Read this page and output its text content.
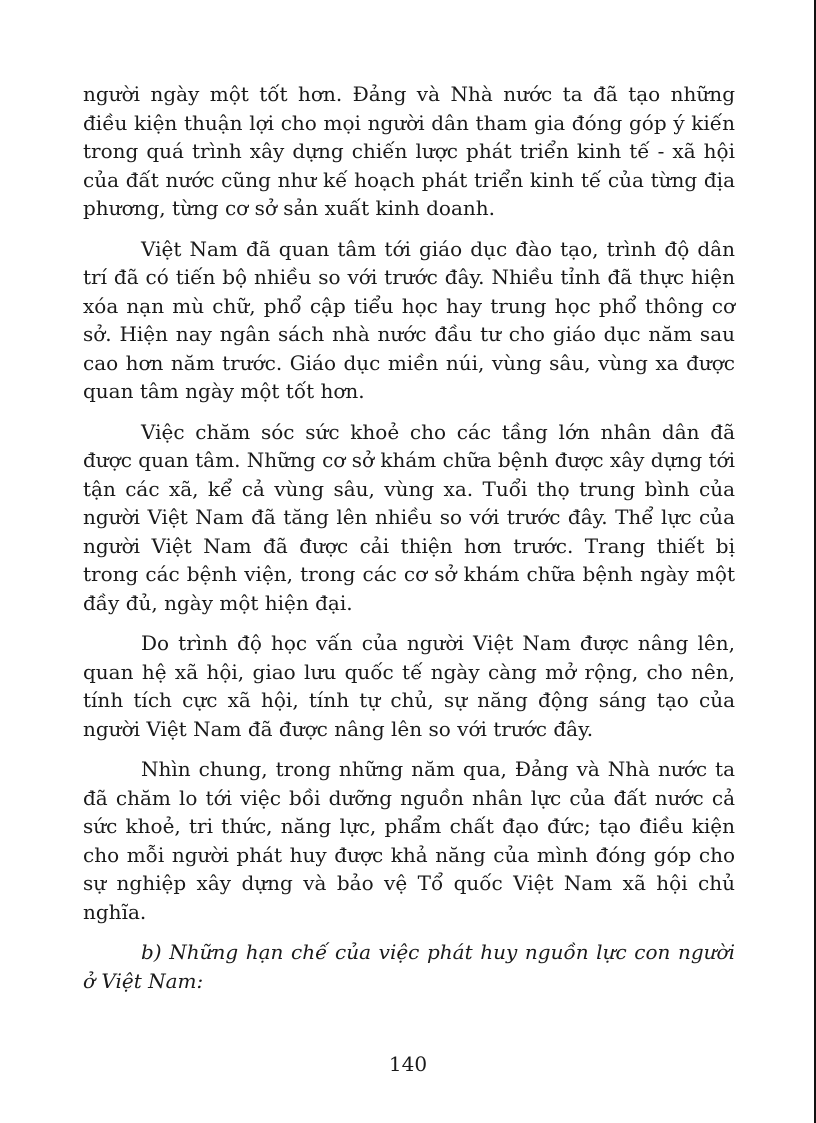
người ngày một tốt hơn. Đảng và Nhà nước ta đã tạo những điều kiện thuận lợi cho mọi người dân tham gia đóng góp ý kiến trong quá trình xây dựng chiến lược phát triển kinh tế - xã hội của đất nước cũng như kế hoạch phát triển kinh tế của từng địa phương, từng cơ sở sản xuất kinh doanh.

Việt Nam đã quan tâm tới giáo dục đào tạo, trình độ dân trí đã có tiến bộ nhiều so với trước đây. Nhiều tỉnh đã thực hiện xóa nạn mù chữ, phổ cập tiểu học hay trung học phổ thông cơ sở. Hiện nay ngân sách nhà nước đầu tư cho giáo dục năm sau cao hơn năm trước. Giáo dục miền núi, vùng sâu, vùng xa được quan tâm ngày một tốt hơn.

Việc chăm sóc sức khoẻ cho các tầng lớn nhân dân đã được quan tâm. Những cơ sở khám chữa bệnh được xây dựng tới tận các xã, kể cả vùng sâu, vùng xa. Tuổi thọ trung bình của người Việt Nam đã tăng lên nhiều so với trước đây. Thể lực của người Việt Nam đã được cải thiện hơn trước. Trang thiết bị trong các bệnh viện, trong các cơ sở khám chữa bệnh ngày một đầy đủ, ngày một hiện đại.

Do trình độ học vấn của người Việt Nam được nâng lên, quan hệ xã hội, giao lưu quốc tế ngày càng mở rộng, cho nên, tính tích cực xã hội, tính tự chủ, sự năng động sáng tạo của người Việt Nam đã được nâng lên so với trước đây.

Nhìn chung, trong những năm qua, Đảng và Nhà nước ta đã chăm lo tới việc bồi dưỡng nguồn nhân lực của đất nước cả sức khoẻ, tri thức, năng lực, phẩm chất đạo đức; tạo điều kiện cho mỗi người phát huy được khả năng của mình đóng góp cho sự nghiệp xây dựng và bảo vệ Tổ quốc Việt Nam xã hội chủ nghĩa.

b) Những hạn chế của việc phát huy nguồn lực con người ở Việt Nam:

140
